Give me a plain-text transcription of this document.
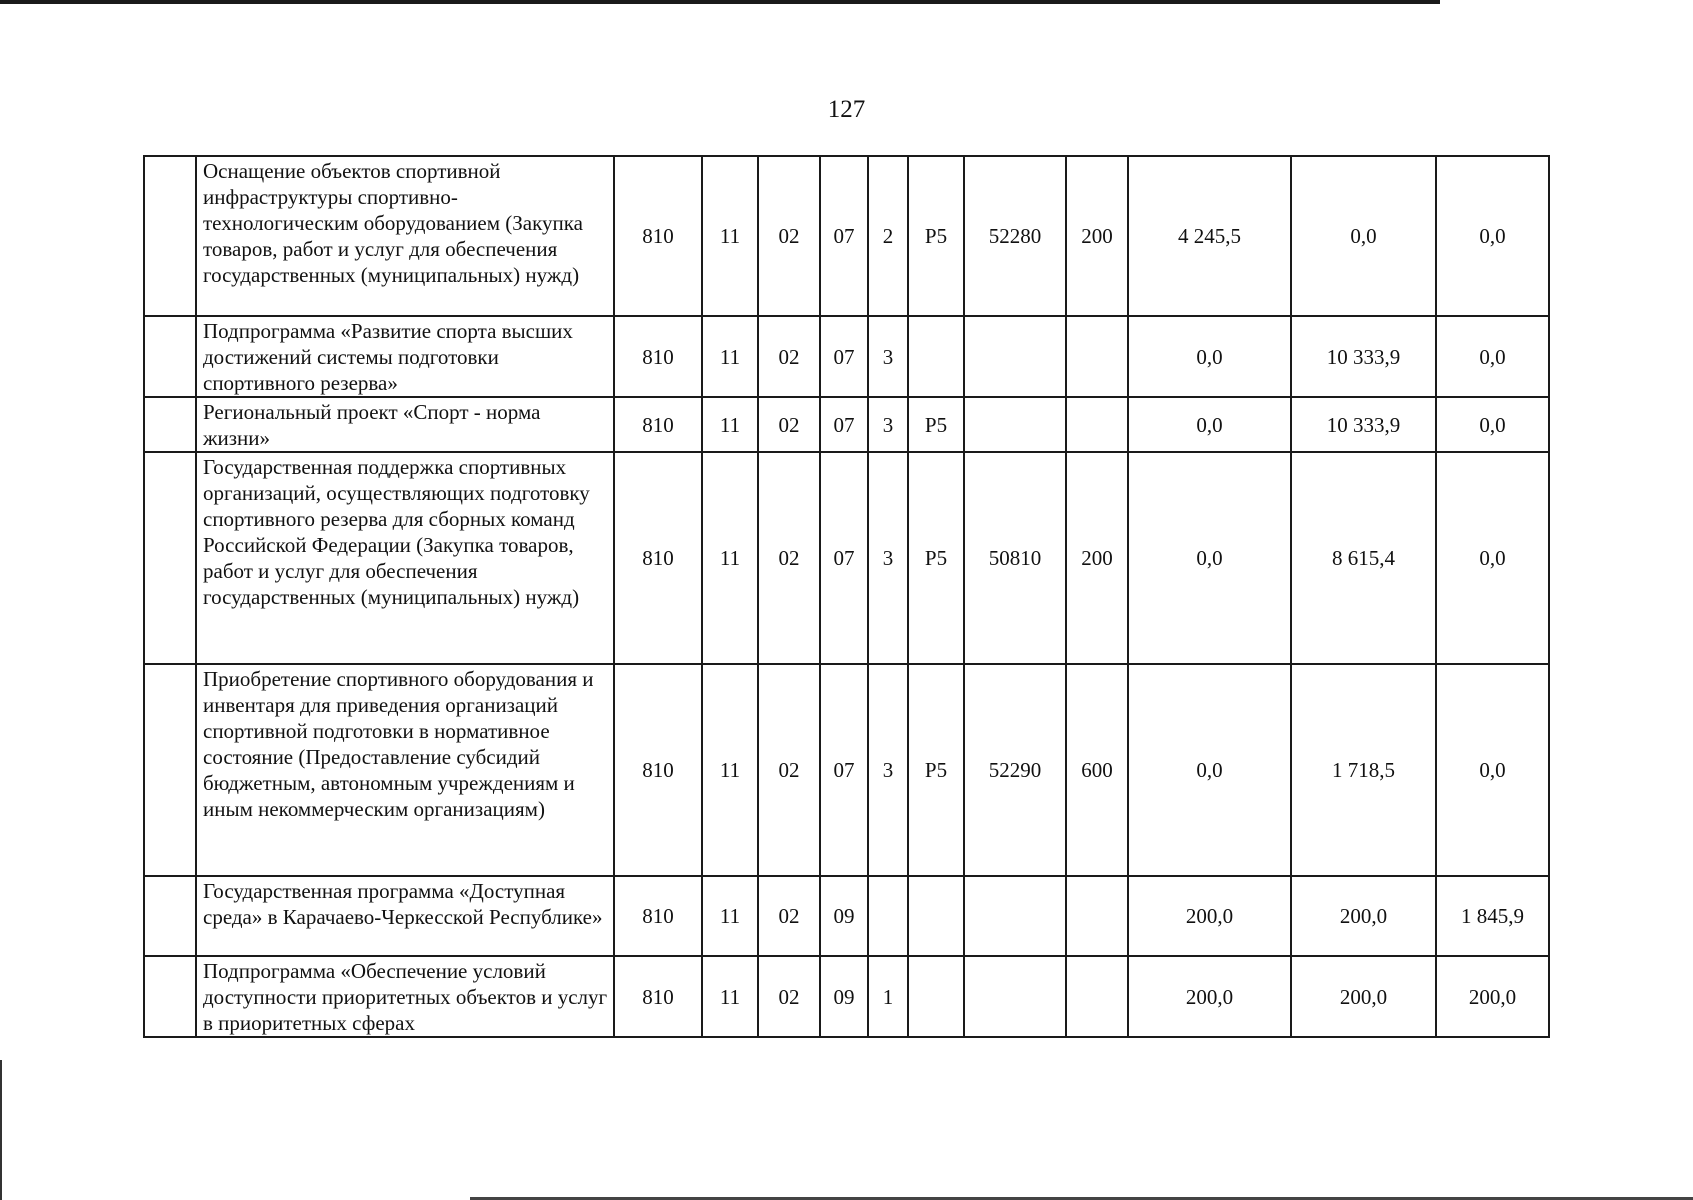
127
	Оснащение объектов спортивной инфраструктуры спортивно-технологическим оборудованием (Закупка товаров, работ и услуг для обеспечения государственных (муниципальных) нужд)	810	11	02	07	2	P5	52280	200	4 245,5	0,0	0,0
	Подпрограмма «Развитие спорта высших достижений системы подготовки спортивного резерва»	810	11	02	07	3				0,0	10 333,9	0,0
	Региональный проект «Спорт - норма жизни»	810	11	02	07	3	P5			0,0	10 333,9	0,0
	Государственная поддержка спортивных организаций, осуществляющих подготовку спортивного резерва для сборных команд Российской Федерации (Закупка товаров, работ и услуг для обеспечения государственных (муниципальных) нужд)	810	11	02	07	3	P5	50810	200	0,0	8 615,4	0,0
	Приобретение спортивного оборудования и инвентаря для приведения организаций спортивной подготовки в нормативное состояние (Предоставление субсидий бюджетным, автономным учреждениям и иным некоммерческим организациям)	810	11	02	07	3	P5	52290	600	0,0	1 718,5	0,0
	Государственная программа «Доступная среда» в Карачаево-Черкесской Республике»	810	11	02	09					200,0	200,0	1 845,9
	Подпрограмма «Обеспечение условий доступности приоритетных объектов и услуг в приоритетных сферах	810	11	02	09	1				200,0	200,0	200,0
